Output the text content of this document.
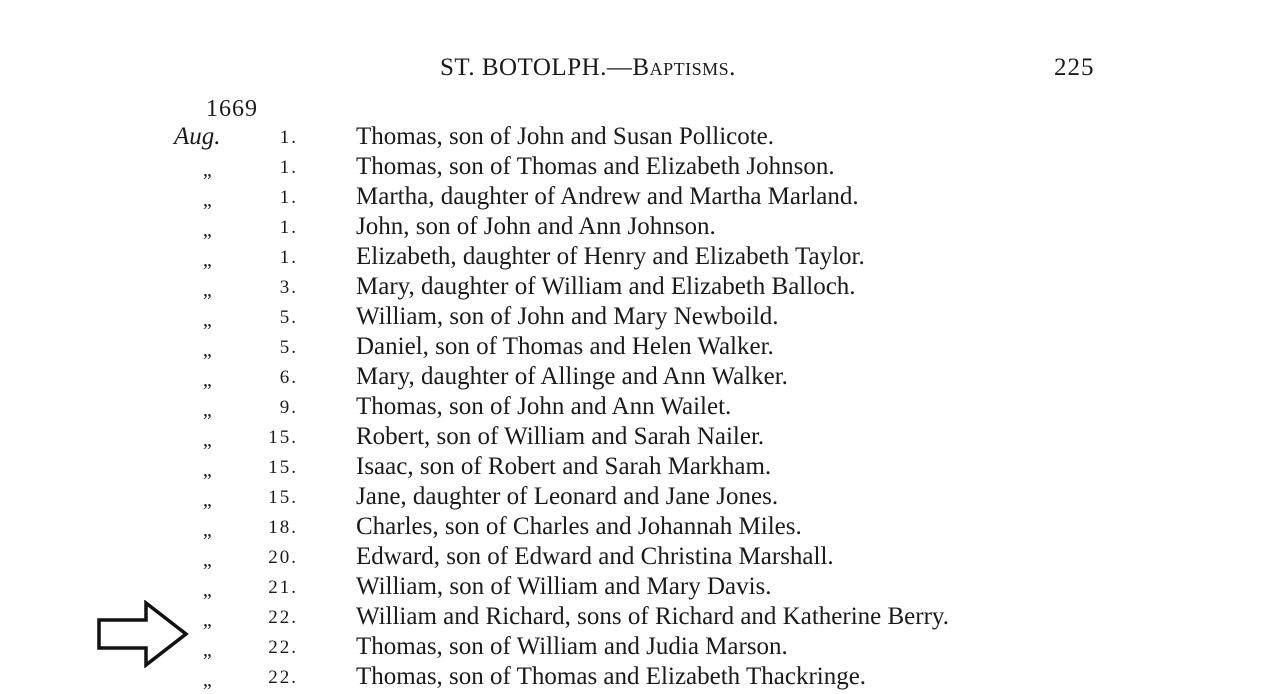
ST. BOTOLPH.—Baptisms.	225
1669
Aug.	1. Thomas, son of John and Susan Pollicote.
,,	1. Thomas, son of Thomas and Elizabeth Johnson.
,,	1. Martha, daughter of Andrew and Martha Marland.
,,	1. John, son of John and Ann Johnson.
,,	1. Elizabeth, daughter of Henry and Elizabeth Taylor.
,,	3. Mary, daughter of William and Elizabeth Balloch.
,,	5. William, son of John and Mary Newboild.
,,	5. Daniel, son of Thomas and Helen Walker.
,,	6. Mary, daughter of Allinge and Ann Walker.
,,	9. Thomas, son of John and Ann Wailet.
,,	15. Robert, son of William and Sarah Nailer.
,,	15. Isaac, son of Robert and Sarah Markham.
,,	15. Jane, daughter of Leonard and Jane Jones.
,,	18. Charles, son of Charles and Johannah Miles.
,,	20. Edward, son of Edward and Christina Marshall.
,,	21. William, son of William and Mary Davis.
,,	22. William and Richard, sons of Richard and Katherine Berry.
,,	22. Thomas, son of William and Judia Marson.
,,	22. Thomas, son of Thomas and Elizabeth Thackringe.
